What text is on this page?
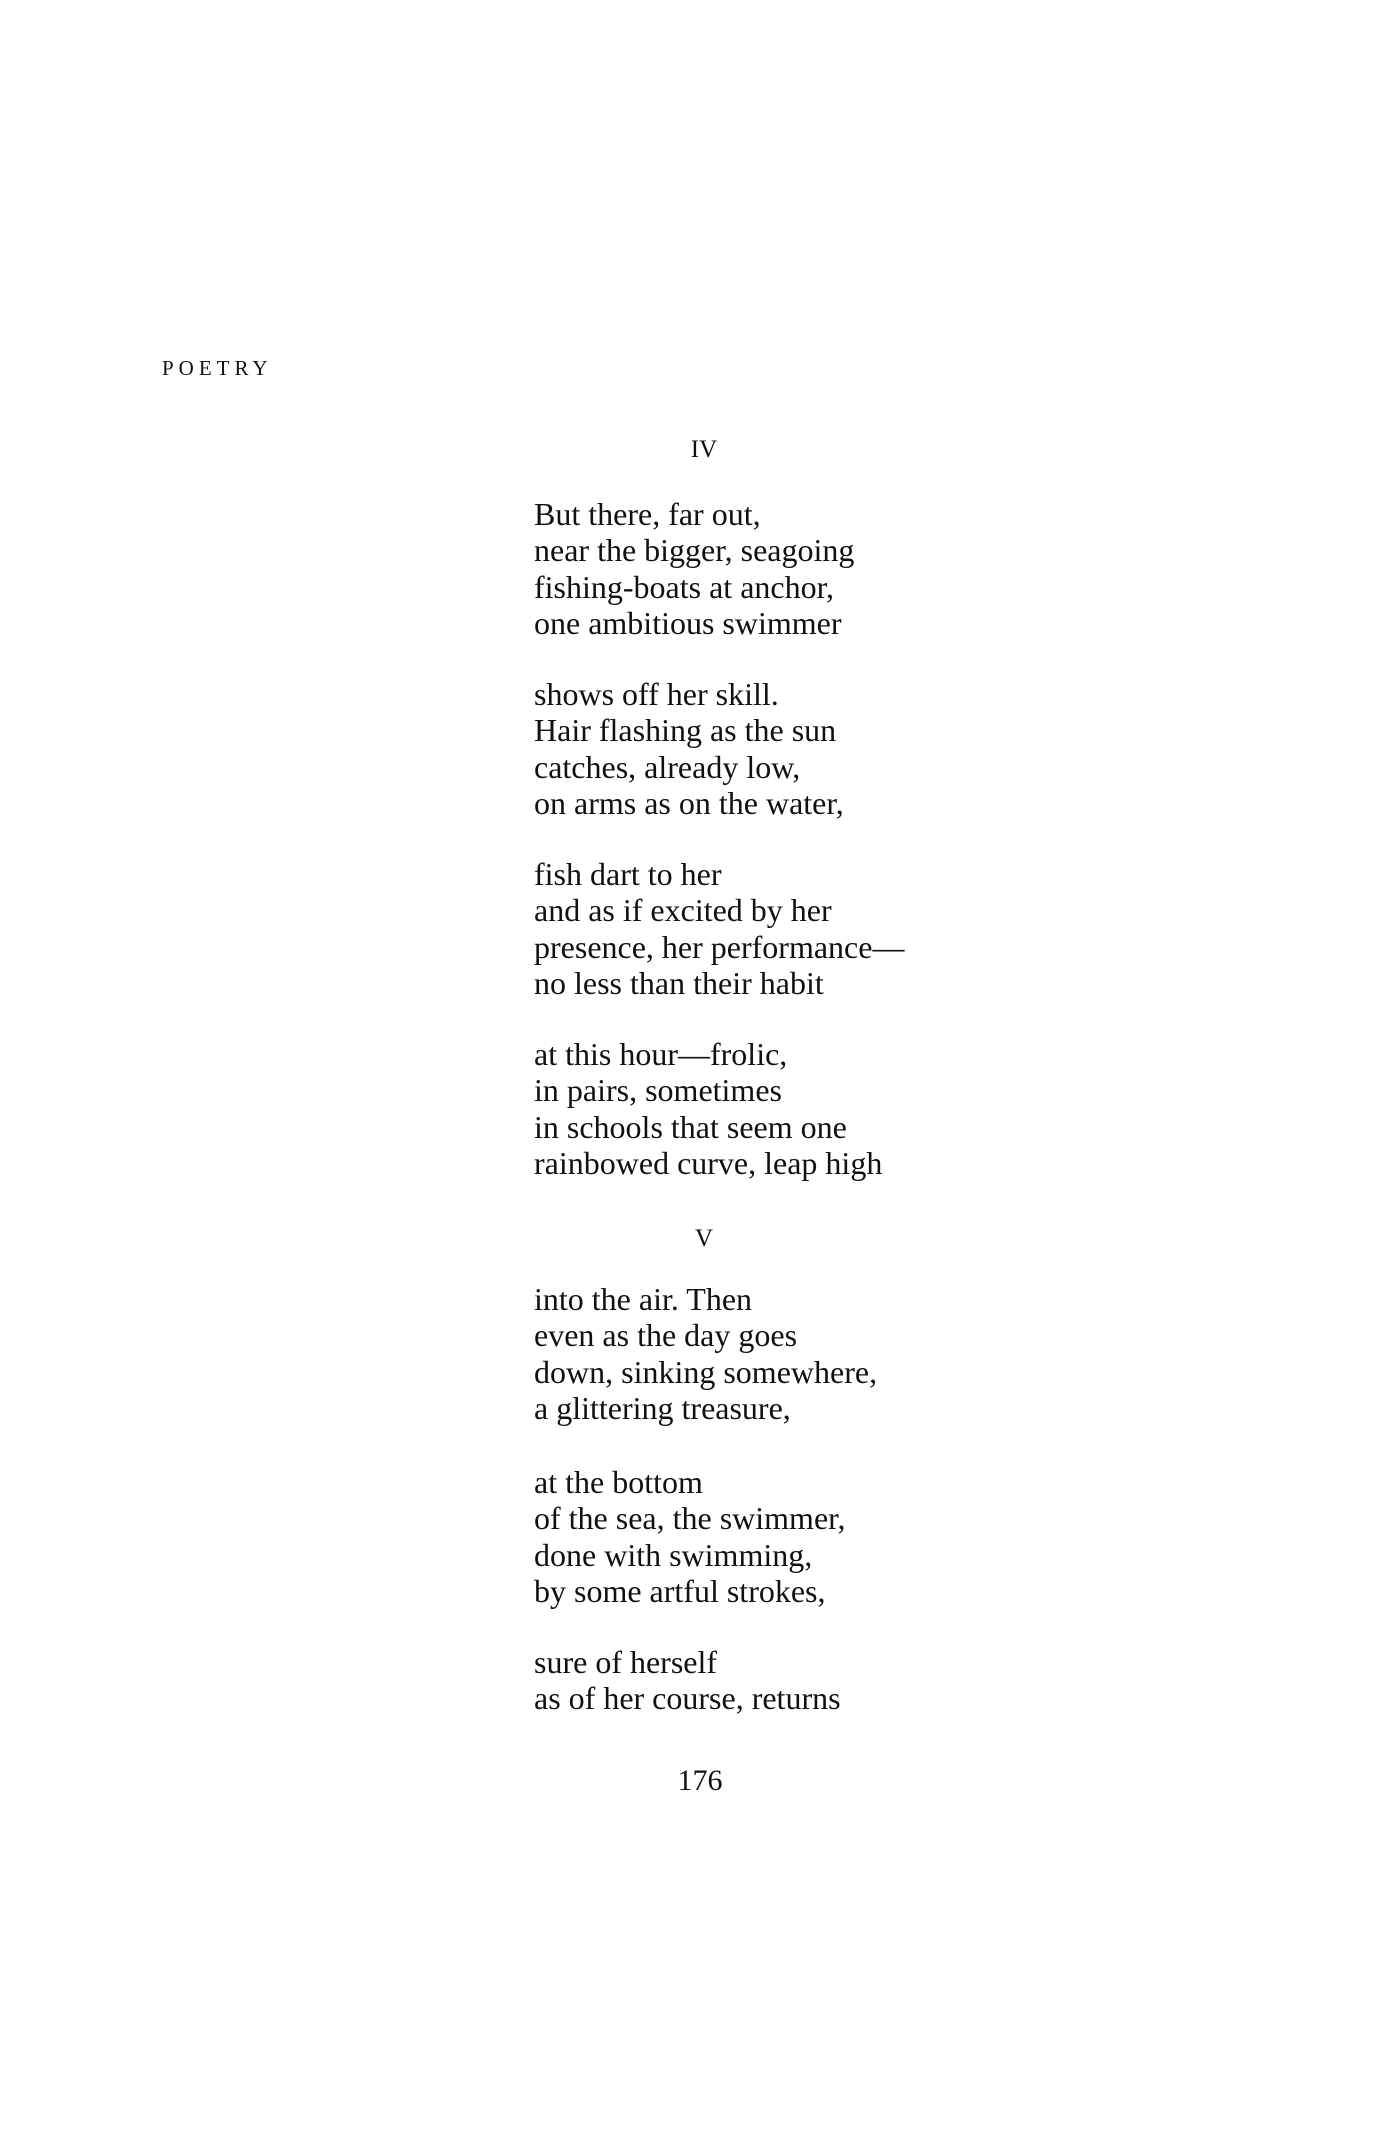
POETRY
IV
But there, far out,
near the bigger, seagoing
fishing-boats at anchor,
one ambitious swimmer
shows off her skill.
Hair flashing as the sun
catches, already low,
on arms as on the water,
fish dart to her
and as if excited by her
presence, her performance—
no less than their habit
at this hour—frolic,
in pairs, sometimes
in schools that seem one
rainbowed curve, leap high
V
into the air. Then
even as the day goes
down, sinking somewhere,
a glittering treasure,
at the bottom
of the sea, the swimmer,
done with swimming,
by some artful strokes,
sure of herself
as of her course, returns
176
